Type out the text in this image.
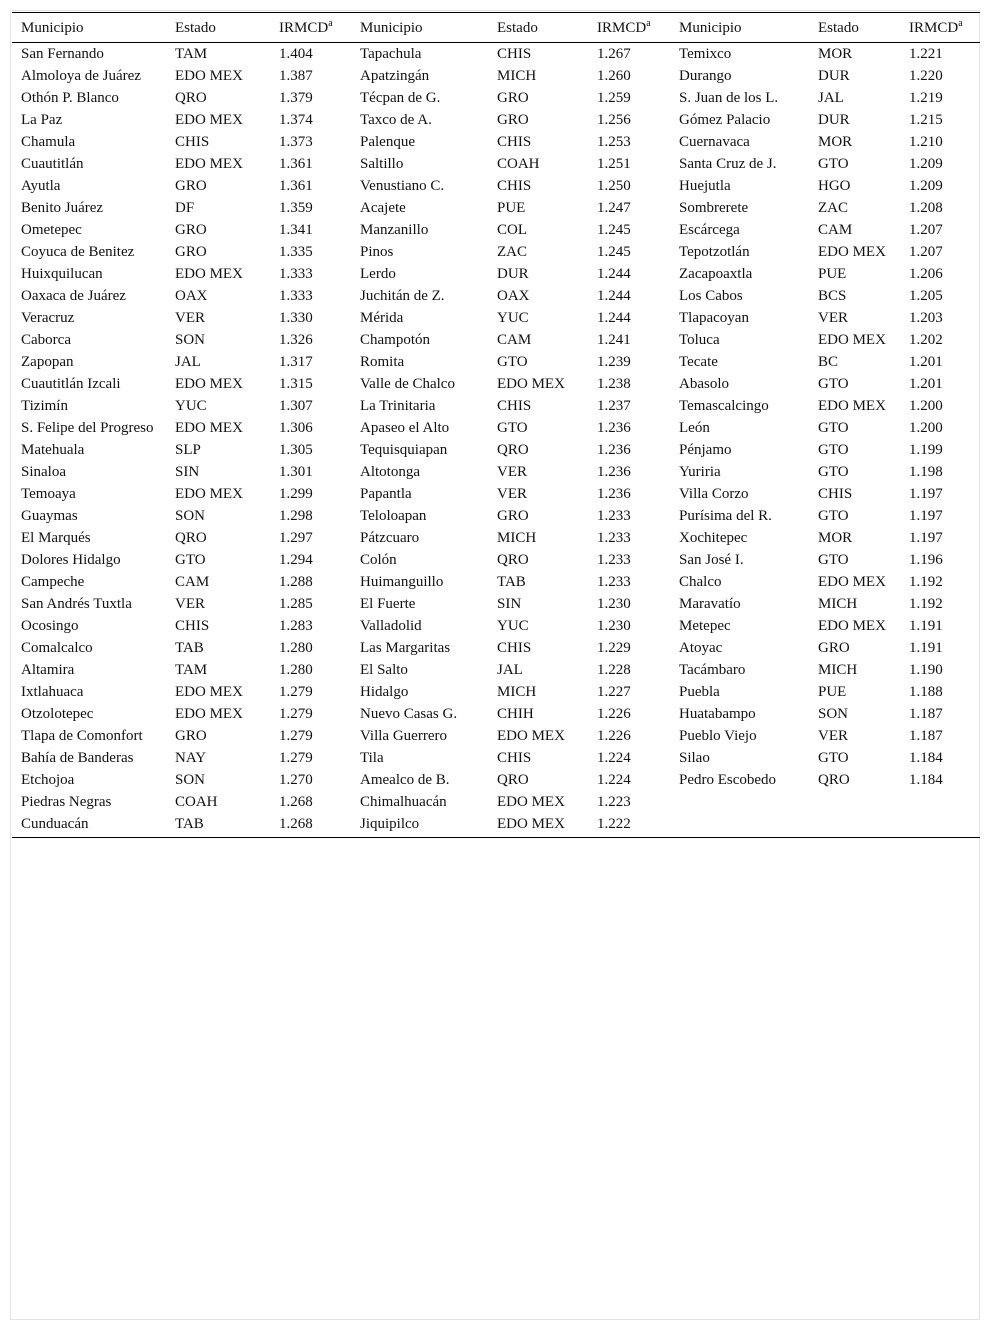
Municipio	Estado	IRMCD$^a$	Municipio	Estado	IRMCD$^a$	Municipio	Estado	IRMCD$^a$
San Fernando	TAM	1.404	Tapachula	CHIS	1.267	Temixco	MOR	1.221
Almoloya de Juárez	EDO MEX	1.387	Apatzingán	MICH	1.260	Durango	DUR	1.220
Othón P. Blanco	QRO	1.379	Técpan de G.	GRO	1.259	S. Juan de los L.	JAL	1.219
La Paz	EDO MEX	1.374	Taxco de A.	GRO	1.256	Gómez Palacio	DUR	1.215
Chamula	CHIS	1.373	Palenque	CHIS	1.253	Cuernavaca	MOR	1.210
Cuautitlán	EDO MEX	1.361	Saltillo	COAH	1.251	Santa Cruz de J.	GTO	1.209
Ayutla	GRO	1.361	Venustiano C.	CHIS	1.250	Huejutla	HGO	1.209
Benito Juárez	DF	1.359	Acajete	PUE	1.247	Sombrerete	ZAC	1.208
Ometepec	GRO	1.341	Manzanillo	COL	1.245	Escárcega	CAM	1.207
Coyuca de Benitez	GRO	1.335	Pinos	ZAC	1.245	Tepotzotlán	EDO MEX	1.207
Huixquilucan	EDO MEX	1.333	Lerdo	DUR	1.244	Zacapoaxtla	PUE	1.206
Oaxaca de Juárez	OAX	1.333	Juchitán de Z.	OAX	1.244	Los Cabos	BCS	1.205
Veracruz	VER	1.330	Mérida	YUC	1.244	Tlapacoyan	VER	1.203
Caborca	SON	1.326	Champotón	CAM	1.241	Toluca	EDO MEX	1.202
Zapopan	JAL	1.317	Romita	GTO	1.239	Tecate	BC	1.201
Cuautitlán Izcali	EDO MEX	1.315	Valle de Chalco	EDO MEX	1.238	Abasolo	GTO	1.201
Tizimín	YUC	1.307	La Trinitaria	CHIS	1.237	Temascalcingo	EDO MEX	1.200
S. Felipe del Progreso	EDO MEX	1.306	Apaseo el Alto	GTO	1.236	León	GTO	1.200
Matehuala	SLP	1.305	Tequisquiapan	QRO	1.236	Pénjamo	GTO	1.199
Sinaloa	SIN	1.301	Altotonga	VER	1.236	Yuriria	GTO	1.198
Temoaya	EDO MEX	1.299	Papantla	VER	1.236	Villa Corzo	CHIS	1.197
Guaymas	SON	1.298	Teloloapan	GRO	1.233	Purísima del R.	GTO	1.197
El Marqués	QRO	1.297	Pátzcuaro	MICH	1.233	Xochitepec	MOR	1.197
Dolores Hidalgo	GTO	1.294	Colón	QRO	1.233	San José I.	GTO	1.196
Campeche	CAM	1.288	Huimanguillo	TAB	1.233	Chalco	EDO MEX	1.192
San Andrés Tuxtla	VER	1.285	El Fuerte	SIN	1.230	Maravatío	MICH	1.192
Ocosingo	CHIS	1.283	Valladolid	YUC	1.230	Metepec	EDO MEX	1.191
Comalcalco	TAB	1.280	Las Margaritas	CHIS	1.229	Atoyac	GRO	1.191
Altamira	TAM	1.280	El Salto	JAL	1.228	Tacámbaro	MICH	1.190
Ixtlahuaca	EDO MEX	1.279	Hidalgo	MICH	1.227	Puebla	PUE	1.188
Otzolotepec	EDO MEX	1.279	Nuevo Casas G.	CHIH	1.226	Huatabampo	SON	1.187
Tlapa de Comonfort	GRO	1.279	Villa Guerrero	EDO MEX	1.226	Pueblo Viejo	VER	1.187
Bahía de Banderas	NAY	1.279	Tila	CHIS	1.224	Silao	GTO	1.184
Etchojoa	SON	1.270	Amealco de B.	QRO	1.224	Pedro Escobedo	QRO	1.184
Piedras Negras	COAH	1.268	Chimalhuacán	EDO MEX	1.223			
Cunduacán	TAB	1.268	Jiquipilco	EDO MEX	1.222			
